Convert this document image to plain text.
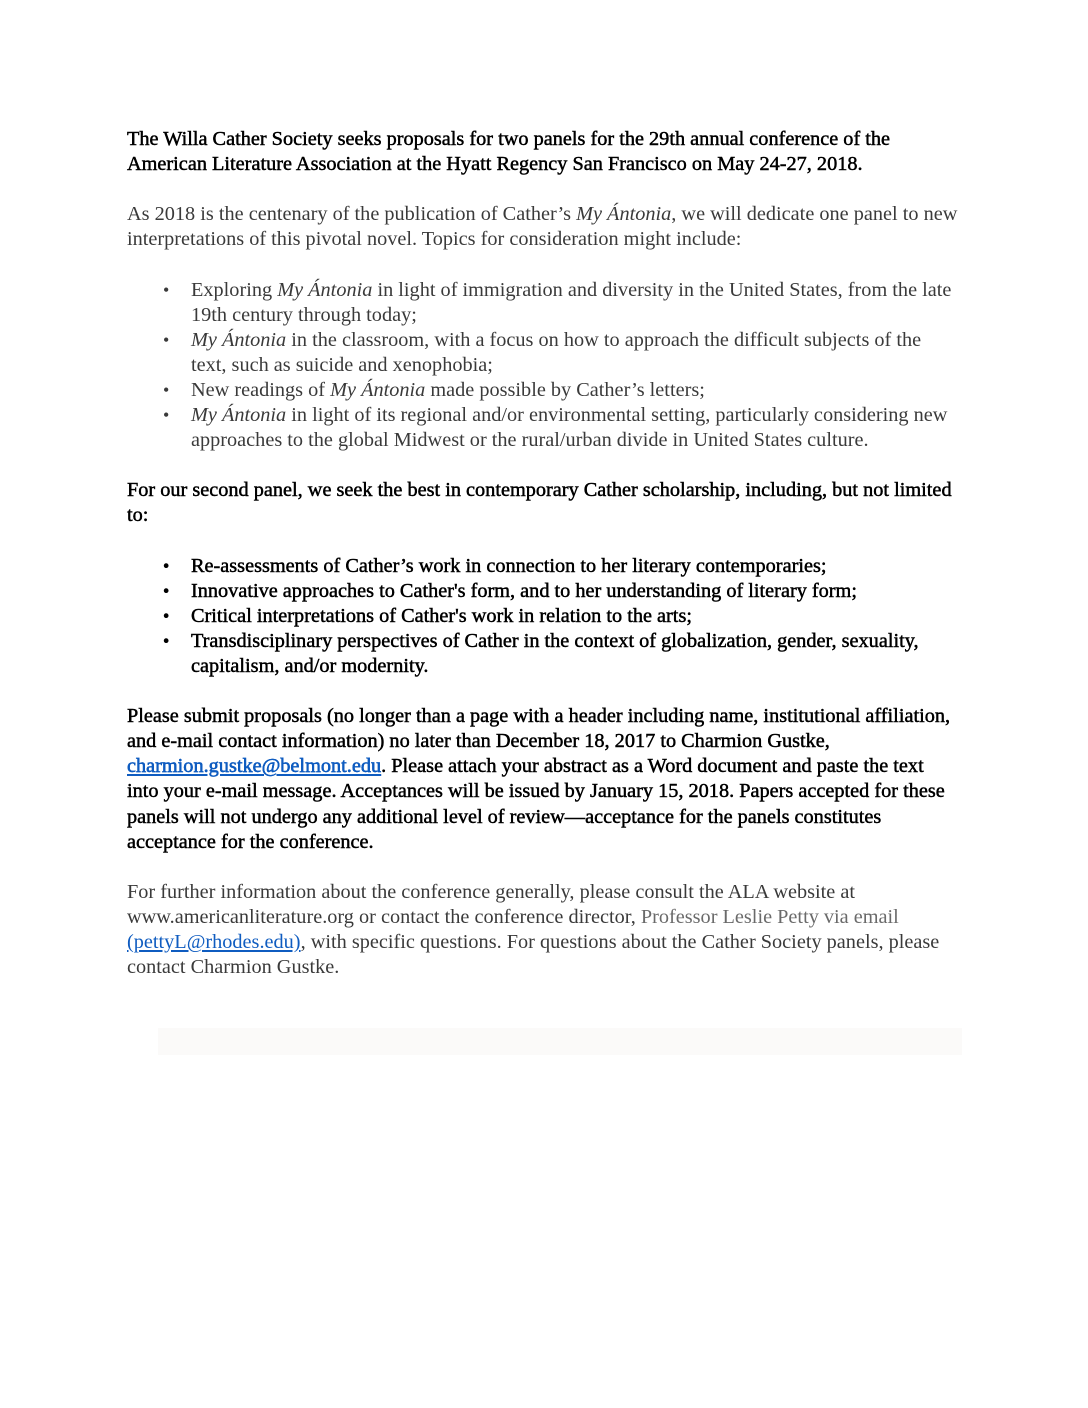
The Willa Cather Society seeks proposals for two panels for the 29th annual conference of the American Literature Association at the Hyatt Regency San Francisco on May 24-27, 2018.

As 2018 is the centenary of the publication of Cather’s My Ántonia, we will dedicate one panel to new interpretations of this pivotal novel. Topics for consideration might include:

• Exploring My Ántonia in light of immigration and diversity in the United States, from the late 19th century through today;
• My Ántonia in the classroom, with a focus on how to approach the difficult subjects of the text, such as suicide and xenophobia;
• New readings of My Ántonia made possible by Cather’s letters;
• My Ántonia in light of its regional and/or environmental setting, particularly considering new approaches to the global Midwest or the rural/urban divide in United States culture.

For our second panel, we seek the best in contemporary Cather scholarship, including, but not limited to:

• Re-assessments of Cather’s work in connection to her literary contemporaries;
• Innovative approaches to Cather's form, and to her understanding of literary form;
• Critical interpretations of Cather's work in relation to the arts;
• Transdisciplinary perspectives of Cather in the context of globalization, gender, sexuality, capitalism, and/or modernity.

Please submit proposals (no longer than a page with a header including name, institutional affiliation, and e-mail contact information) no later than December 18, 2017 to Charmion Gustke, charmion.gustke@belmont.edu. Please attach your abstract as a Word document and paste the text into your e-mail message. Acceptances will be issued by January 15, 2018. Papers accepted for these panels will not undergo any additional level of review—acceptance for the panels constitutes acceptance for the conference.

For further information about the conference generally, please consult the ALA website at www.americanliterature.org or contact the conference director, Professor Leslie Petty via email (pettyL@rhodes.edu), with specific questions. For questions about the Cather Society panels, please contact Charmion Gustke.
